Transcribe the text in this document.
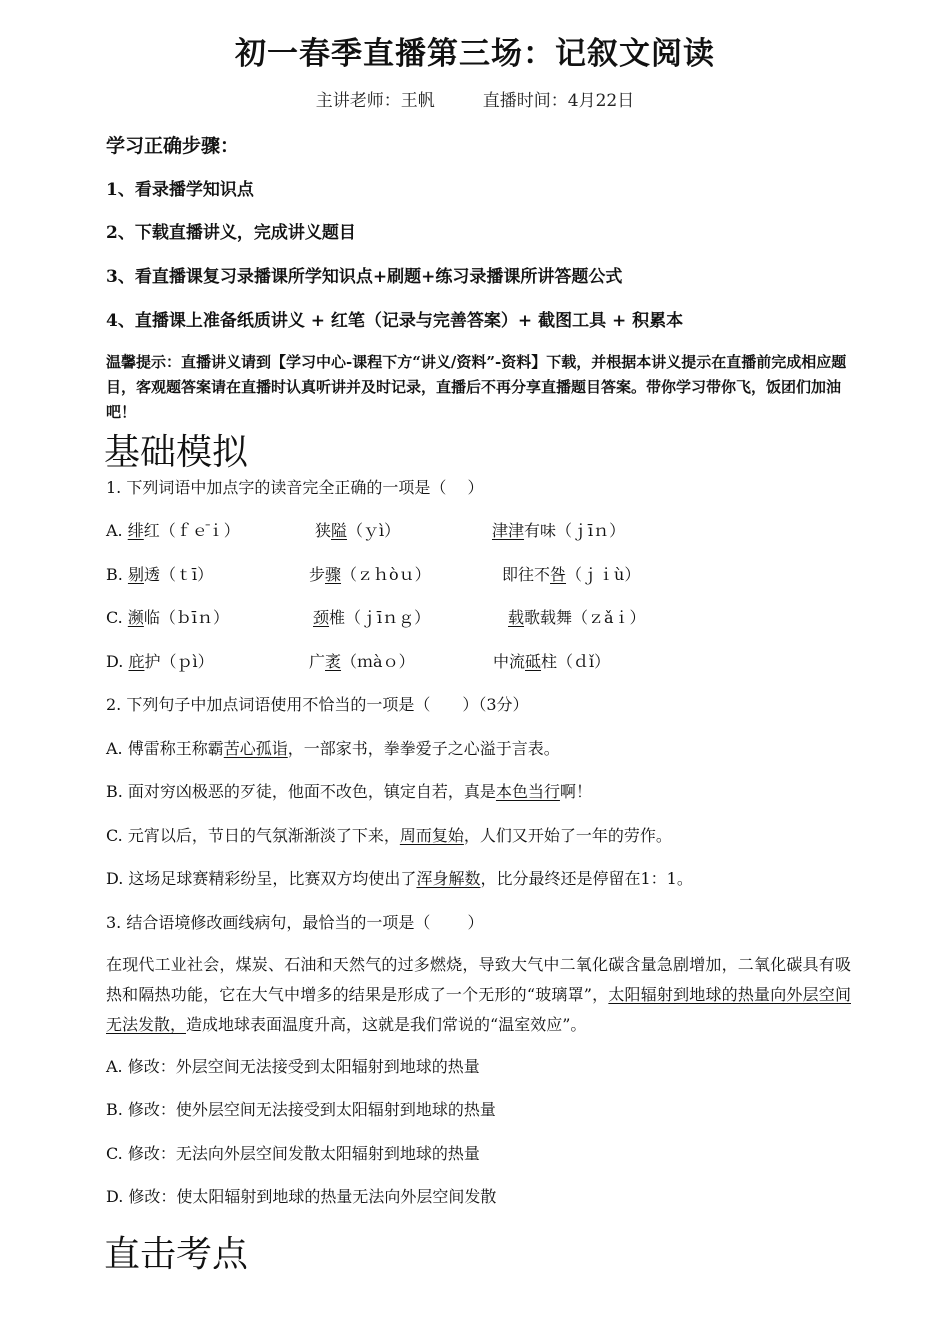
初一春季直播第三场：记叙文阅读
主讲老师：王帆	直播时间：4月22日
学习正确步骤：
1、看录播学知识点
2、下载直播讲义，完成讲义题目
3、看直播课复习录播课所学知识点+刷题+练习录播课所讲答题公式
4、直播课上准备纸质讲义 + 红笔（记录与完善答案）+ 截图工具 + 积累本
温馨提示：直播讲义请到【学习中心-课程下方“讲义/资料”-资料】下载，并根据本讲义提示在直播前完成相应题目，客观题答案请在直播时认真听讲并及时记录，直播后不再分享直播题目答案。带你学习带你飞，饭团们加油吧！
基础模拟
1. 下列词语中加点字的读音完全正确的一项是（　 ）
A. 绯红（ｆｅ̄ｉ）	狭隘（ｙì）	津津有味（ｊīｎ）
B. 剔透（ｔī）	步骤（ｚｈòｕ）	即往不咎（ｊｉù）
C. 濒临（ｂīｎ）	颈椎（ｊīｎｇ）	载歌载舞（ｚǎｉ）
D. 庇护（ｐì）	广袤（ｍàｏ）	中流砥柱（ｄǐ）
2. 下列句子中加点词语使用不恰当的一项是（　　）（3分）
A. 傅雷称王称霸苦心孤诣，一部家书，拳拳爱子之心溢于言表。
B. 面对穷凶极恶的歹徒，他面不改色，镇定自若，真是本色当行啊！
C. 元宵以后，节日的气氛渐渐淡了下来，周而复始，人们又开始了一年的劳作。
D. 这场足球赛精彩纷呈，比赛双方均使出了浑身解数，比分最终还是停留在1：1。
3. 结合语境修改画线病句，最恰当的一项是（　　 ）
在现代工业社会，煤炭、石油和天然气的过多燃烧，导致大气中二氧化碳含量急剧增加，二氧化碳具有吸热和隔热功能，它在大气中增多的结果是形成了一个无形的“玻璃罩”，太阳辐射到地球的热量向外层空间无法发散，造成地球表面温度升高，这就是我们常说的“温室效应”。
A. 修改：外层空间无法接受到太阳辐射到地球的热量
B. 修改：使外层空间无法接受到太阳辐射到地球的热量
C. 修改：无法向外层空间发散太阳辐射到地球的热量
D. 修改：使太阳辐射到地球的热量无法向外层空间发散
直击考点
